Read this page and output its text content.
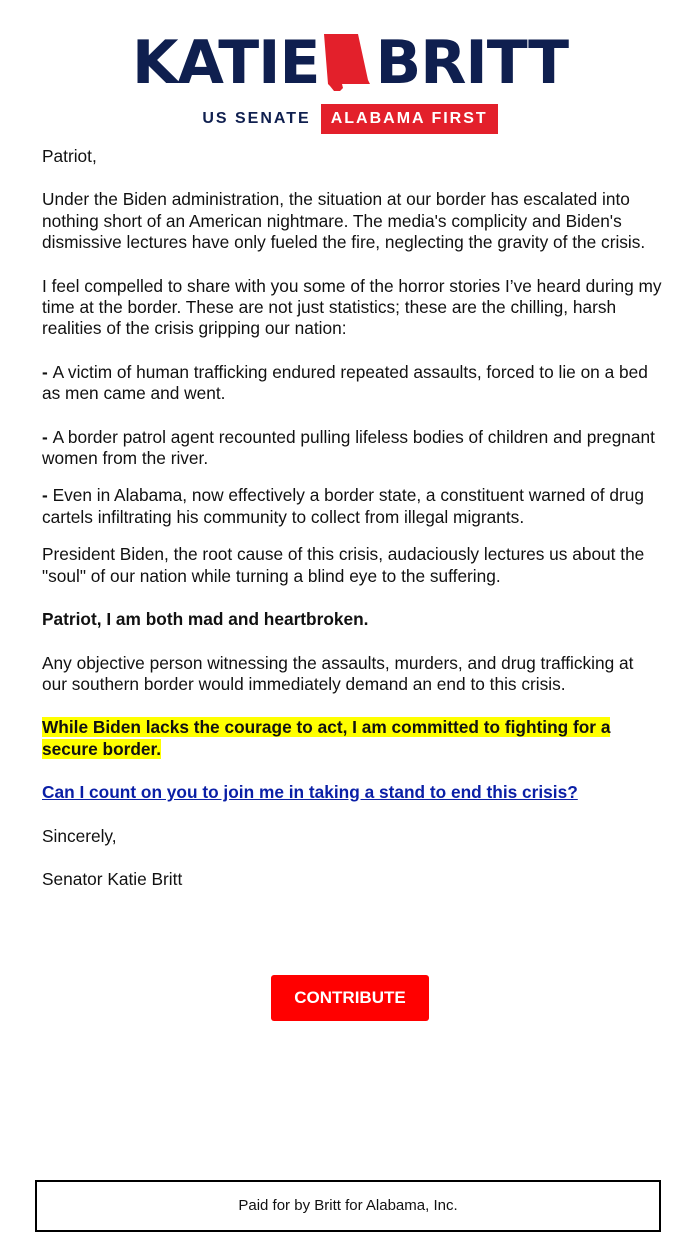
KATIE BRITT
US SENATE ALABAMA FIRST

Patriot,

Under the Biden administration, the situation at our border has escalated into nothing short of an American nightmare. The media's complicity and Biden's dismissive lectures have only fueled the fire, neglecting the gravity of the crisis.

I feel compelled to share with you some of the horror stories I’ve heard during my time at the border. These are not just statistics; these are the chilling, harsh realities of the crisis gripping our nation:

- A victim of human trafficking endured repeated assaults, forced to lie on a bed as men came and went.

- A border patrol agent recounted pulling lifeless bodies of children and pregnant women from the river.

- Even in Alabama, now effectively a border state, a constituent warned of drug cartels infiltrating his community to collect from illegal migrants.

President Biden, the root cause of this crisis, audaciously lectures us about the "soul" of our nation while turning a blind eye to the suffering.

Patriot, I am both mad and heartbroken.

Any objective person witnessing the assaults, murders, and drug trafficking at our southern border would immediately demand an end to this crisis.

While Biden lacks the courage to act, I am committed to fighting for a secure border.

Can I count on you to join me in taking a stand to end this crisis?

Sincerely,

Senator Katie Britt

CONTRIBUTE
Paid for by Britt for Alabama, Inc.
